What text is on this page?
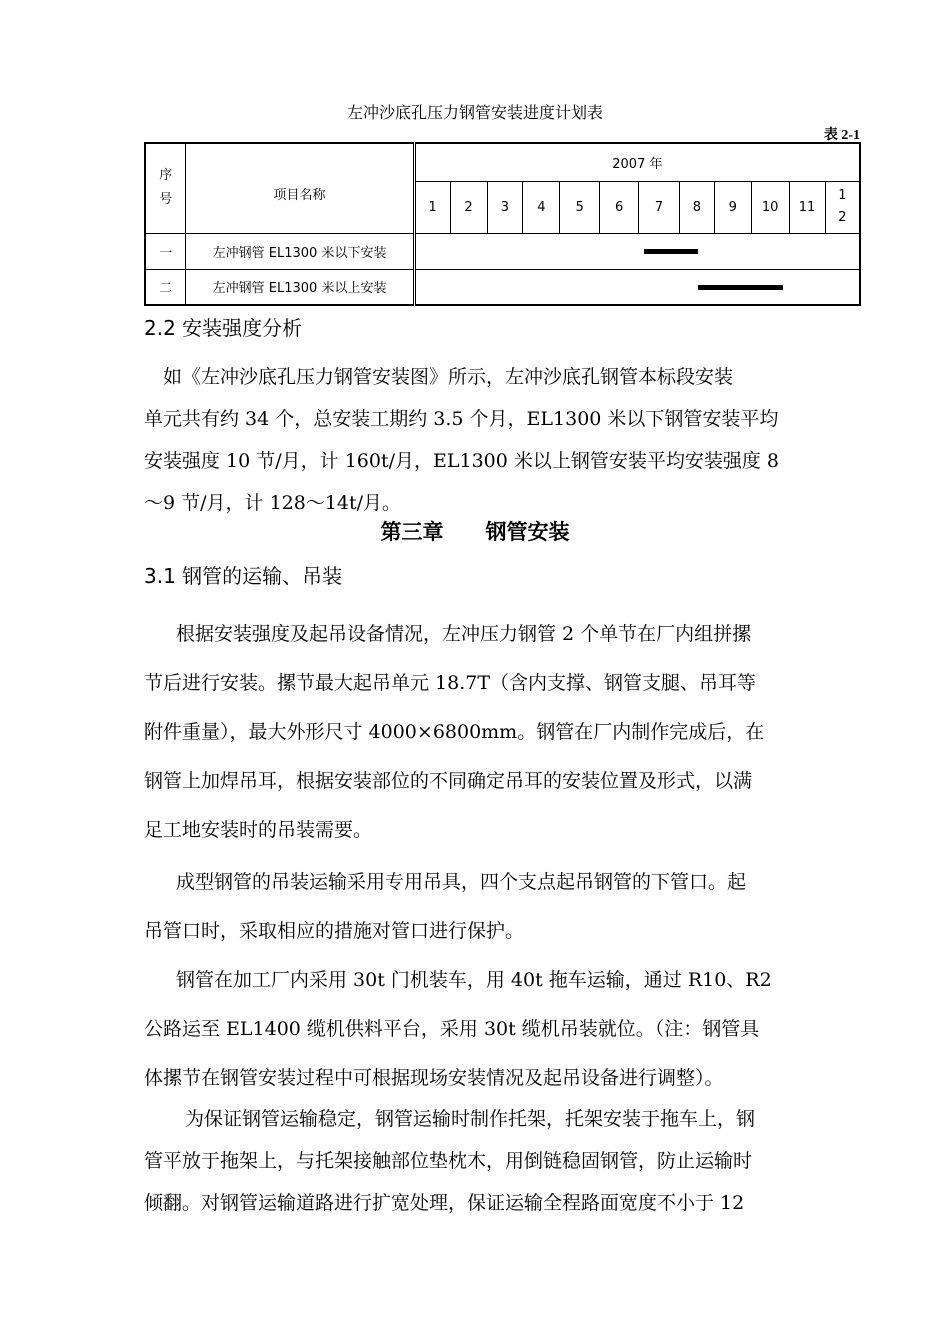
左冲沙底孔压力钢管安装进度计划表
表 2-1
序号	项目名称	2007 年											
		1	2	3	4	5	6	7	8	9	10	11	12
一	左冲钢管 EL1300 米以下安装												

二	左冲钢管 EL1300 米以上安装												
2.2 安装强度分析
　如《左冲沙底孔压力钢管安装图》所示，左冲沙底孔钢管本标段安装
单元共有约 34 个，总安装工期约 3.5 个月，EL1300 米以下钢管安装平均
安装强度 10 节/月，计 160t/月，EL1300 米以上钢管安装平均安装强度 8
～9 节/月，计 128～14t/月。
第三章　　钢管安装
3.1 钢管的运输、吊装
根据安装强度及起吊设备情况，左冲压力钢管 2 个单节在厂内组拼摞
节后进行安装。摞节最大起吊单元 18.7T（含内支撑、钢管支腿、吊耳等
附件重量），最大外形尺寸 4000×6800mm。钢管在厂内制作完成后，在
钢管上加焊吊耳，根据安装部位的不同确定吊耳的安装位置及形式，以满
足工地安装时的吊装需要。
成型钢管的吊装运输采用专用吊具，四个支点起吊钢管的下管口。起
吊管口时，采取相应的措施对管口进行保护。
钢管在加工厂内采用 30t 门机装车，用 40t 拖车运输，通过 R10、R2
公路运至 EL1400 缆机供料平台，采用 30t 缆机吊装就位。（注：钢管具
体摞节在钢管安装过程中可根据现场安装情况及起吊设备进行调整）。
　为保证钢管运输稳定，钢管运输时制作托架，托架安装于拖车上，钢
管平放于拖架上，与托架接触部位垫枕木，用倒链稳固钢管，防止运输时
倾翻。对钢管运输道路进行扩宽处理，保证运输全程路面宽度不小于 12
